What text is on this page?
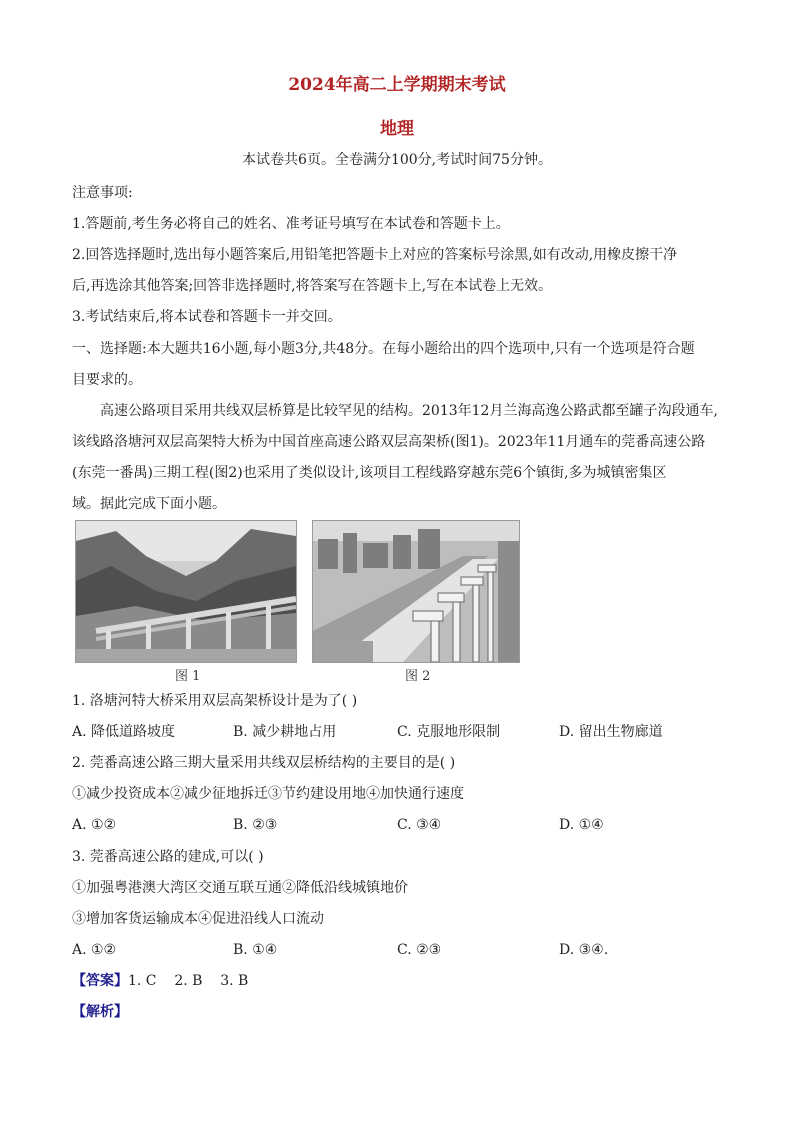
2024年高二上学期期末考试
地理
本试卷共6页。全卷满分100分,考试时间75分钟。
注意事项:
1.答题前,考生务必将自己的姓名、准考证号填写在本试卷和答题卡上。
2.回答选择题时,选出每小题答案后,用铅笔把答题卡上对应的答案标号涂黑,如有改动,用橡皮擦干净
后,再选涂其他答案;回答非选择题时,将答案写在答题卡上,写在本试卷上无效。
3.考试结束后,将本试卷和答题卡一并交回。
一、选择题:本大题共16小题,每小题3分,共48分。在每小题给出的四个选项中,只有一个选项是符合题
目要求的。
高速公路项目采用共线双层桥算是比较罕见的结构。2013年12月兰海高逸公路武都至罐子沟段通车,
该线路洛塘河双层高架特大桥为中国首座高速公路双层高架桥(图1)。2023年11月通车的莞番高速公路
(东莞一番禺)三期工程(图2)也采用了类似设计,该项目工程线路穿越东莞6个镇街,多为城镇密集区
域。据此完成下面小题。
图 1	图 2
1. 洛塘河特大桥采用双层高架桥设计是为了( )
A. 降低道路坡度	B. 减少耕地占用	C. 克服地形限制	D. 留出生物廊道
2. 莞番高速公路三期大量采用共线双层桥结构的主要目的是( )
①减少投资成本②减少征地拆迁③节约建设用地④加快通行速度
A. ①②	B. ②③	C. ③④	D. ①④
3. 莞番高速公路的建成,可以( )
①加强粤港澳大湾区交通互联互通②降低沿线城镇地价
③增加客货运输成本④促进沿线人口流动
A. ①②	B. ①④	C. ②③	D. ③④.
【答案】1. C    2. B    3. B
【解析】
